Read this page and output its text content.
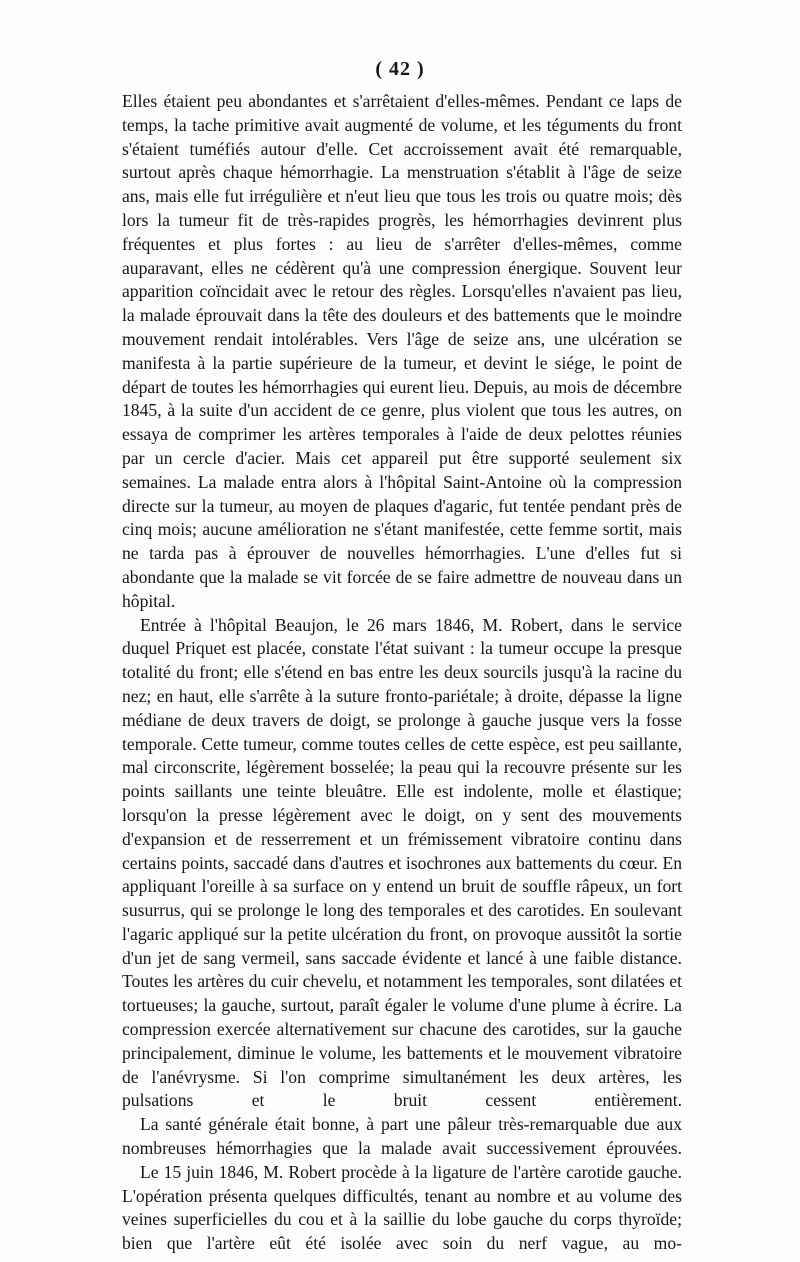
( 42 )

Elles étaient peu abondantes et s'arrêtaient d'elles-mêmes. Pendant ce laps de temps, la tache primitive avait augmenté de volume, et les téguments du front s'étaient tuméfiés autour d'elle. Cet accroissement avait été remarquable, surtout après chaque hémorrhagie. La menstruation s'établit à l'âge de seize ans, mais elle fut irrégulière et n'eut lieu que tous les trois ou quatre mois; dès lors la tumeur fit de très-rapides progrès, les hémorrhagies devinrent plus fréquentes et plus fortes : au lieu de s'arrêter d'elles-mêmes, comme auparavant, elles ne cédèrent qu'à une compression énergique. Souvent leur apparition coïncidait avec le retour des règles. Lorsqu'elles n'avaient pas lieu, la malade éprouvait dans la tête des douleurs et des battements que le moindre mouvement rendait intolérables. Vers l'âge de seize ans, une ulcération se manifesta à la partie supérieure de la tumeur, et devint le siége, le point de départ de toutes les hémorrhagies qui eurent lieu. Depuis, au mois de décembre 1845, à la suite d'un accident de ce genre, plus violent que tous les autres, on essaya de comprimer les artères temporales à l'aide de deux pelottes réunies par un cercle d'acier. Mais cet appareil put être supporté seulement six semaines. La malade entra alors à l'hôpital Saint-Antoine où la compression directe sur la tumeur, au moyen de plaques d'agaric, fut tentée pendant près de cinq mois; aucune amélioration ne s'étant manifestée, cette femme sortit, mais ne tarda pas à éprouver de nouvelles hémorrhagies. L'une d'elles fut si abondante que la malade se vit forcée de se faire admettre de nouveau dans un hôpital.

Entrée à l'hôpital Beaujon, le 26 mars 1846, M. Robert, dans le service duquel Priquet est placée, constate l'état suivant : la tumeur occupe la presque totalité du front; elle s'étend en bas entre les deux sourcils jusqu'à la racine du nez; en haut, elle s'arrête à la suture fronto-pariétale; à droite, dépasse la ligne médiane de deux travers de doigt, se prolonge à gauche jusque vers la fosse temporale. Cette tumeur, comme toutes celles de cette espèce, est peu saillante, mal circonscrite, légèrement bosselée; la peau qui la recouvre présente sur les points saillants une teinte bleuâtre. Elle est indolente, molle et élastique; lorsqu'on la presse légèrement avec le doigt, on y sent des mouvements d'expansion et de resserrement et un frémissement vibratoire continu dans certains points, saccadé dans d'autres et isochrones aux battements du cœur. En appliquant l'oreille à sa surface on y entend un bruit de souffle râpeux, un fort susurrus, qui se prolonge le long des temporales et des carotides. En soulevant l'agaric appliqué sur la petite ulcération du front, on provoque aussitôt la sortie d'un jet de sang vermeil, sans saccade évidente et lancé à une faible distance. Toutes les artères du cuir chevelu, et notamment les temporales, sont dilatées et tortueuses; la gauche, surtout, paraît égaler le volume d'une plume à écrire. La compression exercée alternativement sur chacune des carotides, sur la gauche principalement, diminue le volume, les battements et le mouvement vibratoire de l'anévrysme. Si l'on comprime simultanément les deux artères, les pulsations et le bruit cessent entièrement.

La santé générale était bonne, à part une pâleur très-remarquable due aux nombreuses hémorrhagies que la malade avait successivement éprouvées.

Le 15 juin 1846, M. Robert procède à la ligature de l'artère carotide gauche. L'opération présenta quelques difficultés, tenant au nombre et au volume des veines superficielles du cou et à la saillie du lobe gauche du corps thyroïde; bien que l'artère eût été isolée avec soin du nerf vague, au mo-
